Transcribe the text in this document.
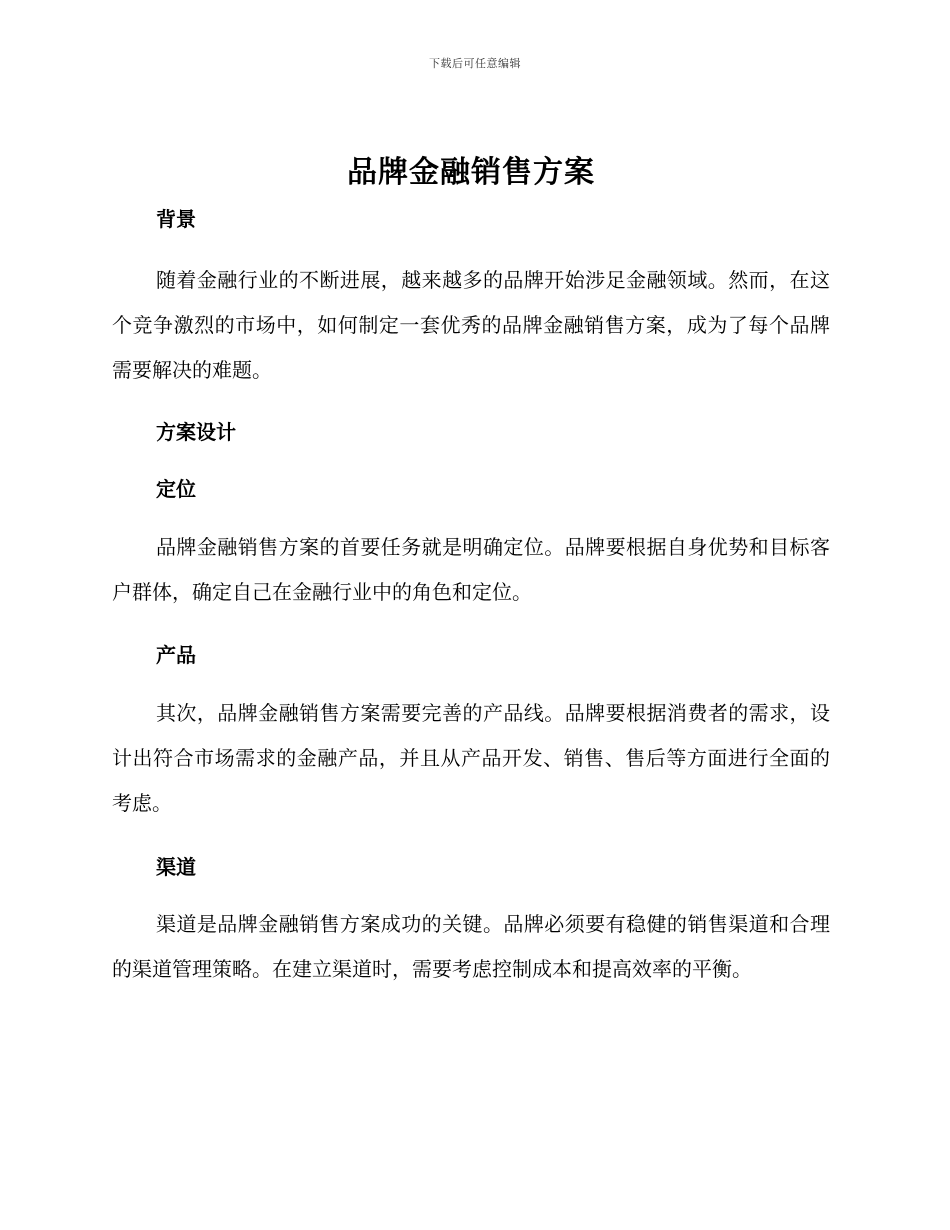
下载后可任意编辑
品牌金融销售方案
背景

随着金融行业的不断进展，越来越多的品牌开始涉足金融领域。然而，在这个竞争激烈的市场中，如何制定一套优秀的品牌金融销售方案，成为了每个品牌需要解决的难题。

方案设计
定位

品牌金融销售方案的首要任务就是明确定位。品牌要根据自身优势和目标客户群体，确定自己在金融行业中的角色和定位。

产品

其次，品牌金融销售方案需要完善的产品线。品牌要根据消费者的需求，设计出符合市场需求的金融产品，并且从产品开发、销售、售后等方面进行全面的考虑。

渠道

渠道是品牌金融销售方案成功的关键。品牌必须要有稳健的销售渠道和合理的渠道管理策略。在建立渠道时，需要考虑控制成本和提高效率的平衡。
